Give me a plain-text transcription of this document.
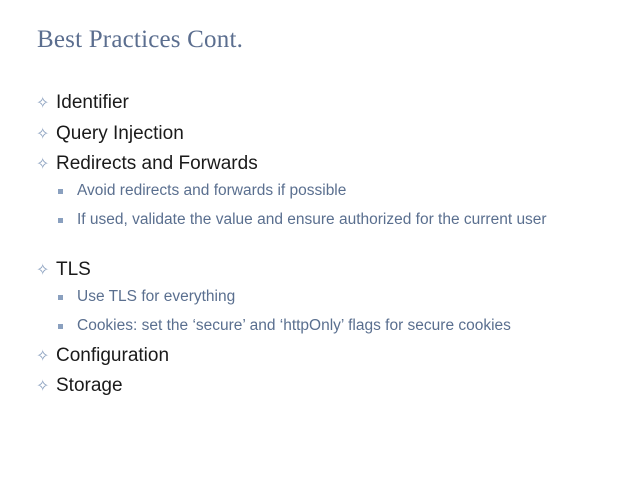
Best Practices Cont.
✧ Identifier
✧ Query Injection
✧ Redirects and Forwards
Avoid redirects and forwards if possible
If used, validate the value and ensure authorized for the current user
✧ TLS
Use TLS for everything
Cookies: set the ‘secure’ and ‘httpOnly’ flags for secure cookies
✧ Configuration
✧ Storage
